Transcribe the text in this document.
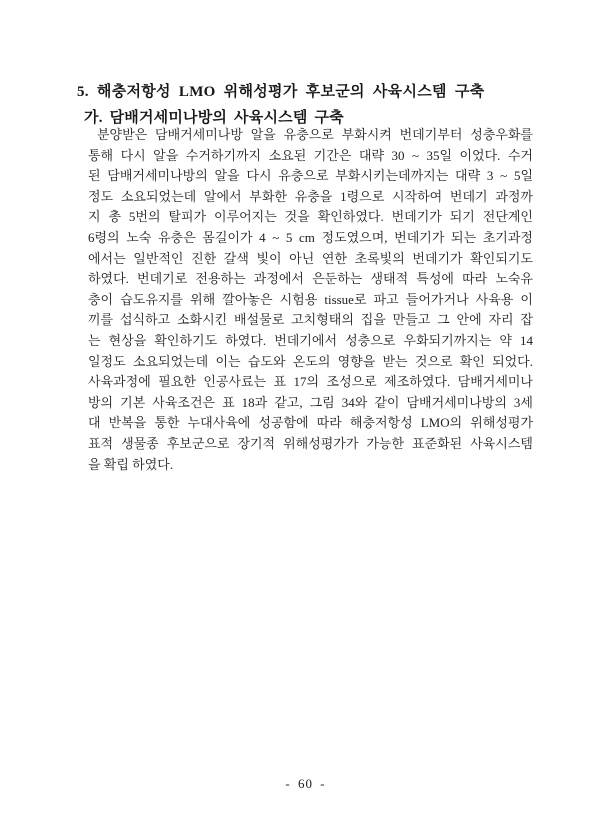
5. 해충저항성 LMO 위해성평가 후보군의 사육시스템 구축
가. 담배거세미나방의 사육시스템 구축
분양받은 담배거세미나방 알을 유충으로 부화시켜 번데기부터 성충우화를
통해 다시 알을 수거하기까지 소요된 기간은 대략 30 ~ 35일 이었다. 수거
된 담배거세미나방의 알을 다시 유충으로 부화시키는데까지는 대략 3 ~ 5일
정도 소요되었는데 알에서 부화한 유충을 1령으로 시작하여 번데기 과정까
지 총 5번의 탈피가 이루어지는 것을 확인하였다. 번데기가 되기 전단계인
6령의 노숙 유충은 몸길이가 4 ~ 5 cm 정도였으며, 번데기가 되는 초기과정
에서는 일반적인 진한 갈색 빛이 아닌 연한 초록빛의 번데기가 확인되기도
하였다. 번데기로 전용하는 과정에서 은둔하는 생태적 특성에 따라 노숙유
충이 습도유지를 위해 깔아놓은 시험용 tissue로 파고 들어가거나 사육용 이
끼를 섭식하고 소화시킨 배설물로 고치형태의 집을 만들고 그 안에 자리 잡
는 현상을 확인하기도 하였다. 번데기에서 성충으로 우화되기까지는 약 14
일정도 소요되었는데 이는 습도와 온도의 영향을 받는 것으로 확인 되었다.
사육과정에 필요한 인공사료는 표 17의 조성으로 제조하였다. 담배거세미나
방의 기본 사육조건은 표 18과 같고, 그림 34와 같이 담배거세미나방의 3세
대 반복을 통한 누대사육에 성공함에 따라 해충저항성 LMO의 위해성평가
표적 생물종 후보군으로 장기적 위해성평가가 가능한 표준화된 사육시스템
을 확립 하였다.
- 60 -
